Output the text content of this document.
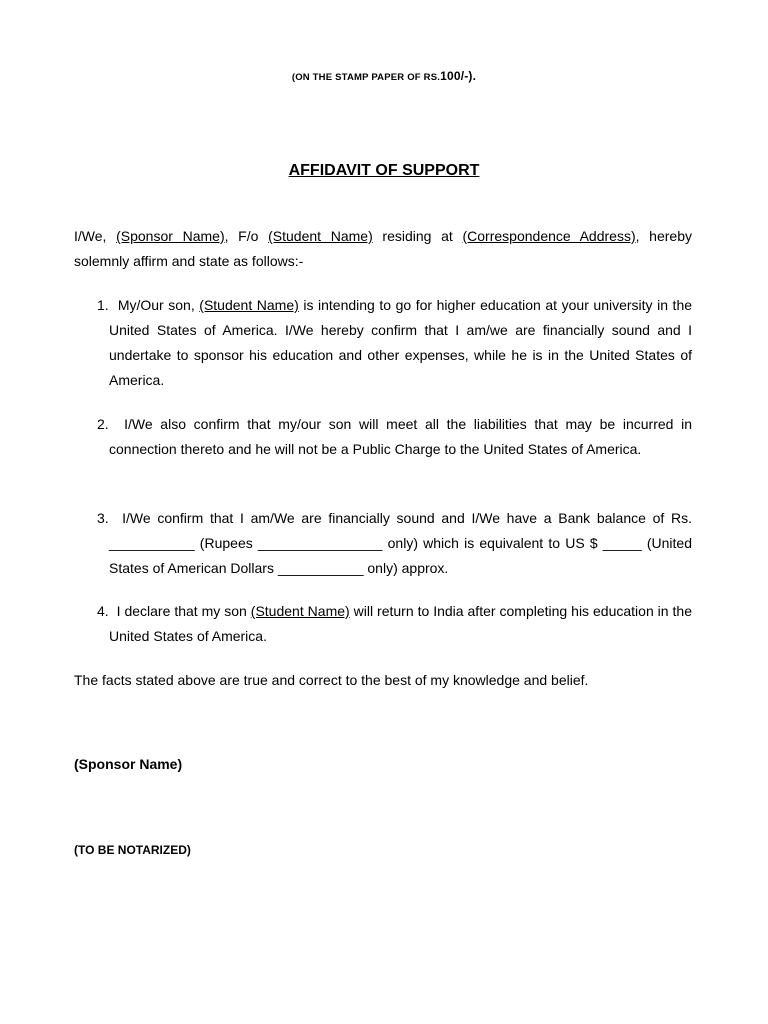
(ON THE STAMP PAPER OF RS.100/-).
AFFIDAVIT OF SUPPORT
I/We, (Sponsor Name), F/o (Student Name) residing at (Correspondence Address), hereby solemnly affirm and state as follows:-
1. My/Our son, (Student Name) is intending to go for higher education at your university in the United States of America. I/We hereby confirm that I am/we are financially sound and I undertake to sponsor his education and other expenses, while he is in the United States of America.
2. I/We also confirm that my/our son will meet all the liabilities that may be incurred in connection thereto and he will not be a Public Charge to the United States of America.
3. I/We confirm that I am/We are financially sound and I/We have a Bank balance of Rs. ___________ (Rupees ________________ only) which is equivalent to US $ _____ (United States of American Dollars ___________ only) approx.
4. I declare that my son (Student Name) will return to India after completing his education in the United States of America.
The facts stated above are true and correct to the best of my knowledge and belief.
(Sponsor Name)
(TO BE NOTARIZED)
